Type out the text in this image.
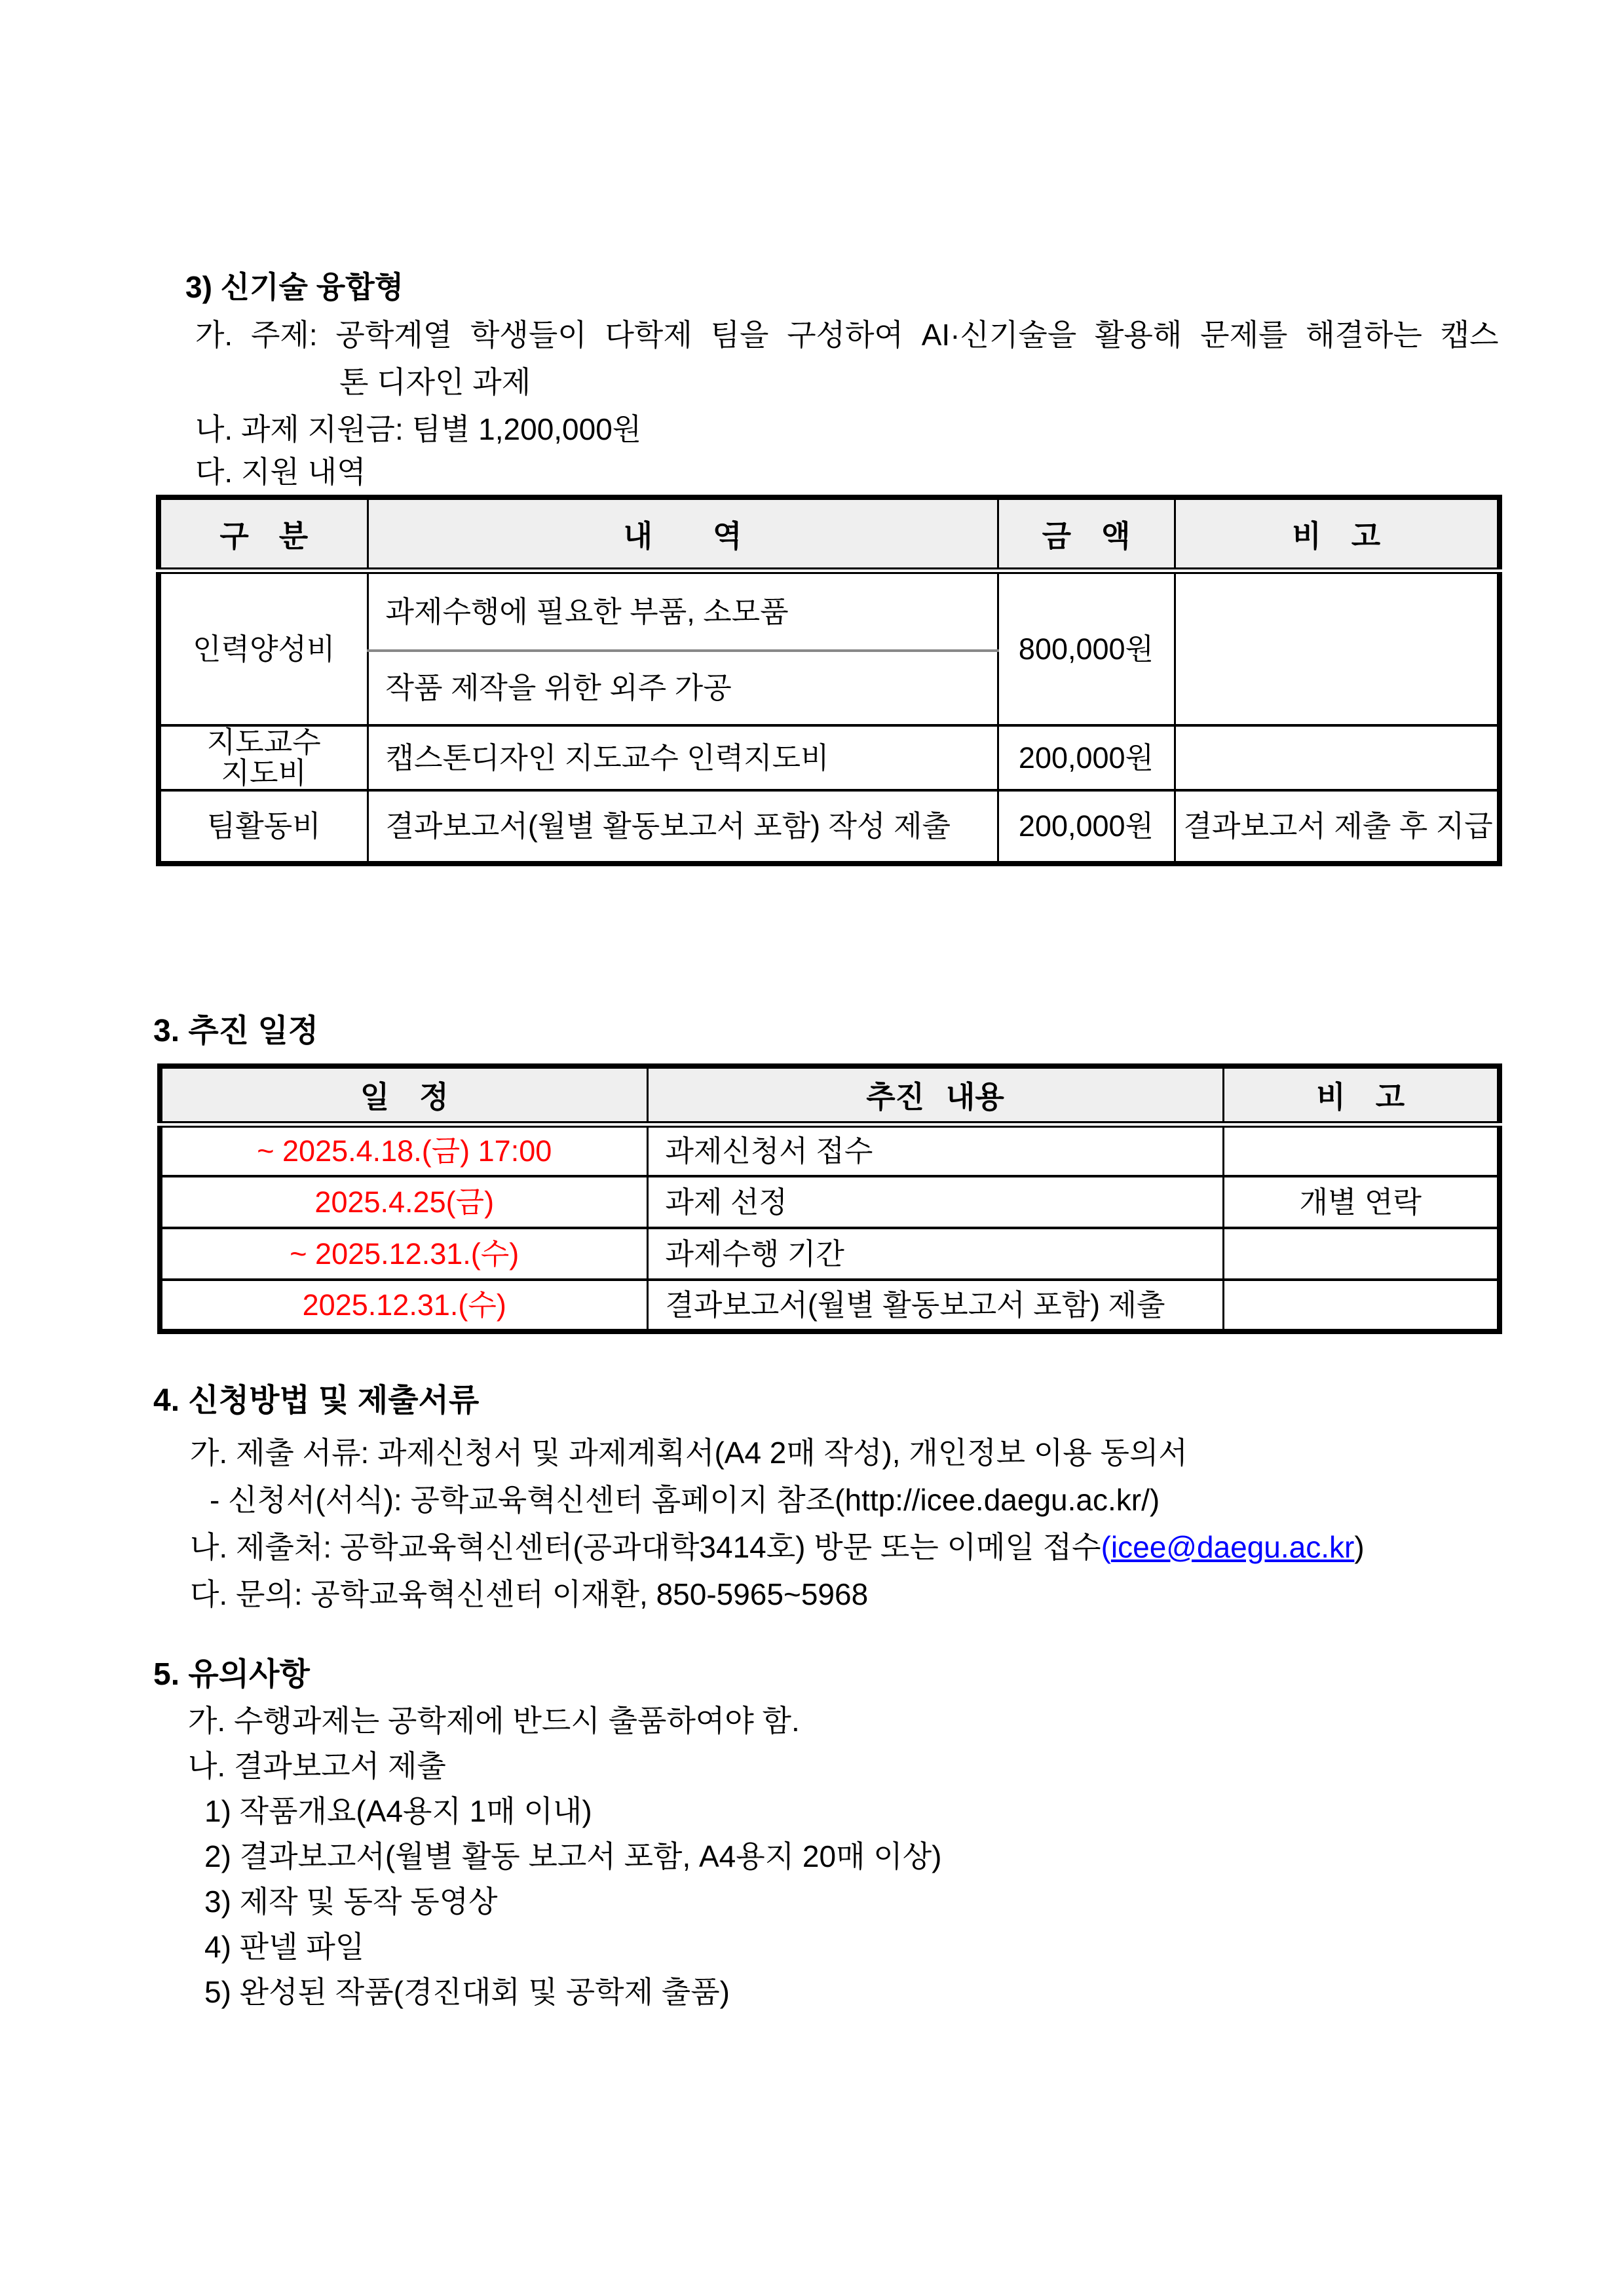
3) 신기술 융합형
가. 주제: 공학계열 학생들이 다학제 팀을 구성하여 AI·신기술을 활용해 문제를 해결하는 캡스
톤 디자인 과제
나. 과제 지원금: 팀별 1,200,000원
다. 지원 내역
구　분	내　　역	금　액	비　고
인력양성비	과제수행에 필요한 부품, 소모품	800,000원	
	작품 제작을 위한 외주 가공		

지도교수
지도비	캡스톤디자인 지도교수 인력지도비	200,000원	
팀활동비	결과보고서(월별 활동보고서 포함) 작성 제출	200,000원	결과보고서 제출 후 지급
3. 추진 일정
일　정	추진 내용	비　고
~ 2025.4.18.(금) 17:00	과제신청서 접수	
2025.4.25(금)	과제 선정	개별 연락
~ 2025.12.31.(수)	과제수행 기간	
2025.12.31.(수)	결과보고서(월별 활동보고서 포함) 제출	
4. 신청방법 및 제출서류
가. 제출 서류: 과제신청서 및 과제계획서(A4 2매 작성), 개인정보 이용 동의서
- 신청서(서식): 공학교육혁신센터 홈페이지 참조(http://icee.daegu.ac.kr/)
나. 제출처: 공학교육혁신센터(공과대학3414호) 방문 또는 이메일 접수(icee@daegu.ac.kr)
다. 문의: 공학교육혁신센터 이재환, 850-5965~5968
5. 유의사항
가. 수행과제는 공학제에 반드시 출품하여야 함.
나. 결과보고서 제출
1) 작품개요(A4용지 1매 이내)
2) 결과보고서(월별 활동 보고서 포함, A4용지 20매 이상)
3) 제작 및 동작 동영상
4) 판넬 파일
5) 완성된 작품(경진대회 및 공학제 출품)
